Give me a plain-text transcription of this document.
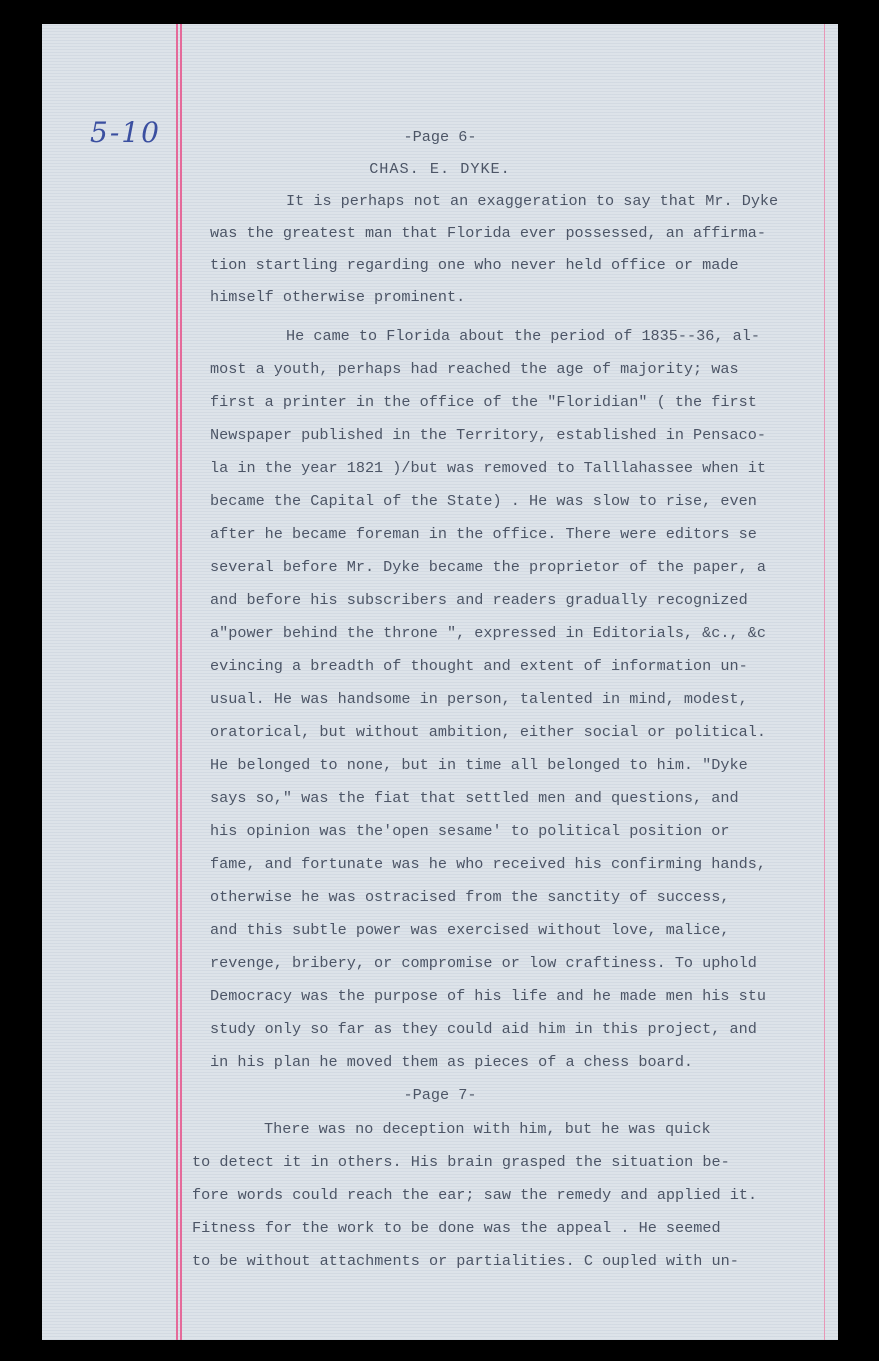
5-10

	-Page 6-

CHAS. E. DYKE.

It is perhaps not an exaggeration to say that Mr. Dyke

was the greatest man that Florida ever possessed, an affirma-

tion startling regarding one who never held office or made

himself otherwise prominent.

He came to Florida about the period of 1835--36, al-

most a youth, perhaps had reached the age of majority; was

first a printer in the office of the "Floridian" ( the first

Newspaper published in the Territory, established in Pensaco-

la in the year 1821 )/but was removed to Talllahassee when it

became the Capital of the State) . He was slow to rise, even

after he became foreman in the office. There were editors se

several before Mr. Dyke became the proprietor of the paper, a

and before his subscribers and readers gradually recognized

a"power behind the throne ", expressed in Editorials, &c., &c

evincing a breadth of thought and extent of information un-

usual. He was handsome in person, talented in mind, modest,

oratorical, but without ambition, either social or political.

He belonged to none, but in time all belonged to him. "Dyke

says so," was the fiat that settled men and questions, and

his opinion was the'open sesame' to political position or

fame, and fortunate was he who received his confirming hands,

otherwise he was ostracised from the sanctity of success,

and this subtle power was exercised without love, malice,

revenge, bribery, or compromise or low craftiness. To uphold

Democracy was the purpose of his life and he made men his stu

study only so far as they could aid him in this project, and

in his plan he moved them as pieces of a chess board.

-Page 7-

There was no deception with him, but he was quick

to detect it in others. His brain grasped the situation be-

fore words could reach the ear; saw the remedy and applied it.

Fitness for the work to be done was the appeal . He seemed

to be without attachments or partialities. C oupled with un-
